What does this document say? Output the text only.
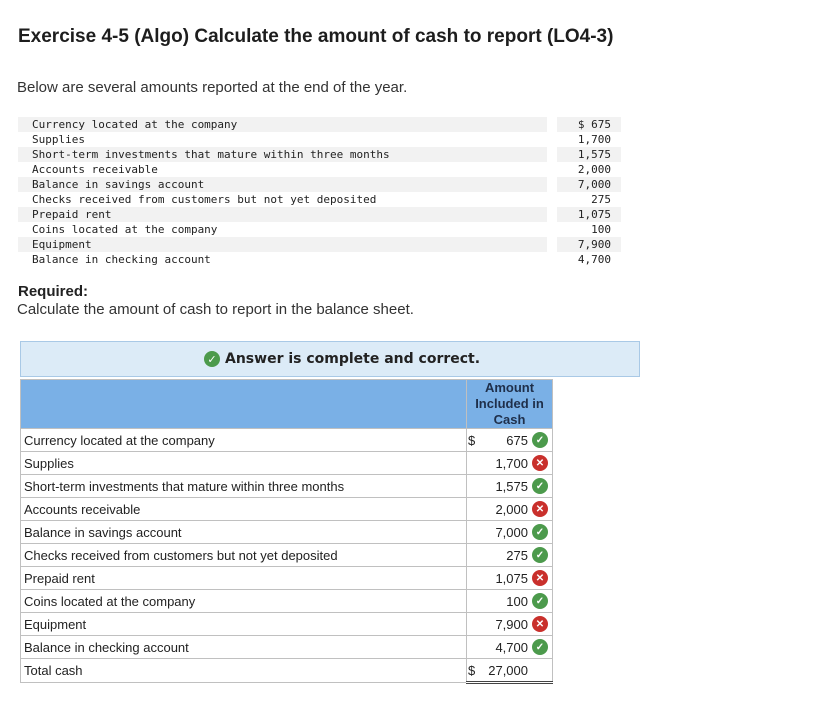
Exercise 4-5 (Algo) Calculate the amount of cash to report (LO4-3)
Below are several amounts reported at the end of the year.
Currency located at the company		$ 675
Supplies		1,700
Short-term investments that mature within three months		1,575
Accounts receivable		2,000
Balance in savings account		7,000
Checks received from customers but not yet deposited		275
Prepaid rent		1,075
Coins located at the company		100
Equipment		7,900
Balance in checking account		4,700
Required:
Calculate the amount of cash to report in the balance sheet.
✓ Answer is complete and correct.
	Amount Included in Cash
Currency located at the company	$ 675 ✓

Supplies	1,700 ✕

Short-term investments that mature within three months	1,575 ✓

Accounts receivable	2,000 ✕

Balance in savings account	7,000 ✓

Checks received from customers but not yet deposited	275 ✓

Prepaid rent	1,075 ✕

Coins located at the company	100 ✓

Equipment	7,900 ✕

Balance in checking account	4,700 ✓

Total cash	$ 27,000
